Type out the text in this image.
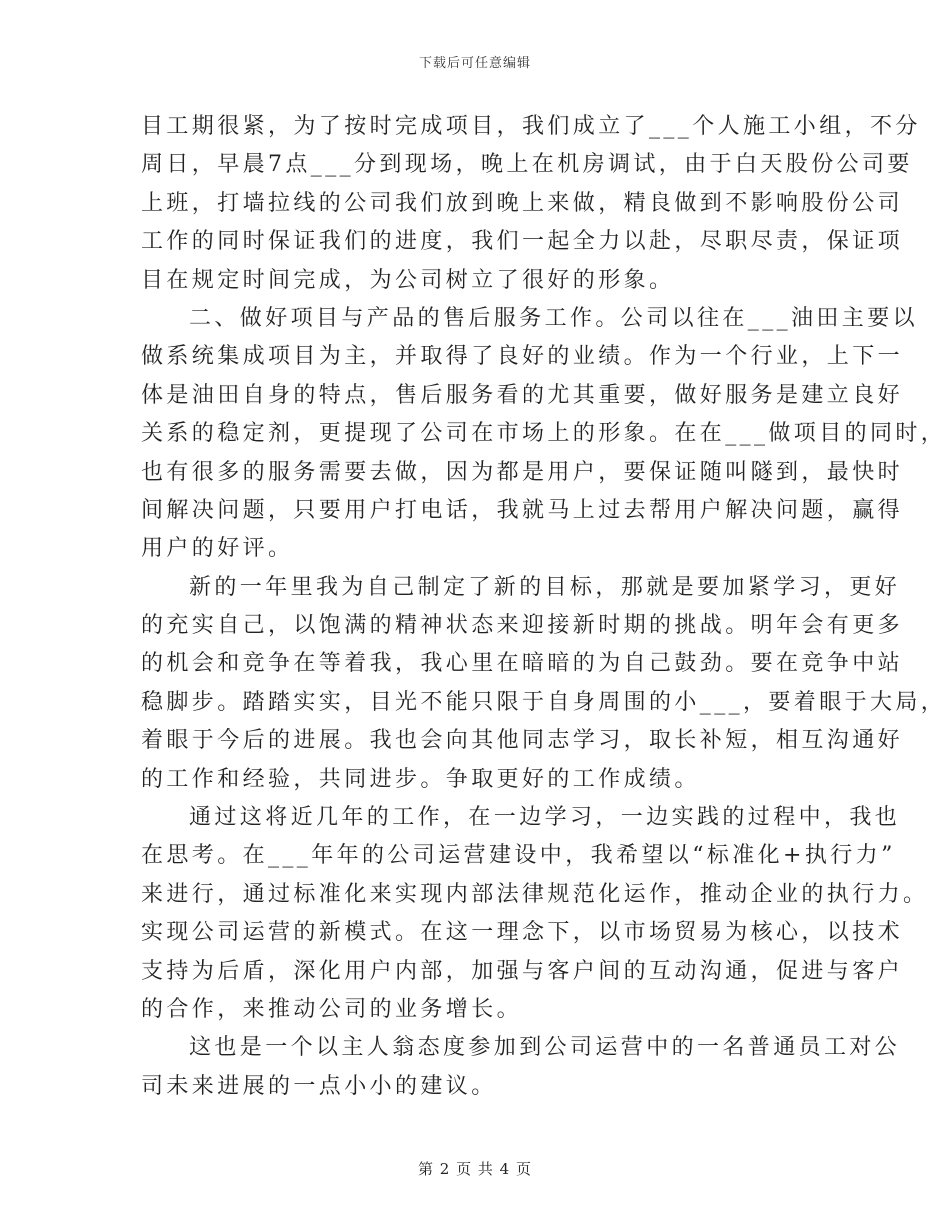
下载后可任意编辑
目工期很紧，为了按时完成项目，我们成立了___个人施工小组，不分
周日，早晨7点___分到现场，晚上在机房调试，由于白天股份公司要
上班，打墙拉线的公司我们放到晚上来做，精良做到不影响股份公司
工作的同时保证我们的进度，我们一起全力以赴，尽职尽责，保证项
目在规定时间完成，为公司树立了很好的形象。
二、做好项目与产品的售后服务工作。公司以往在___油田主要以
做系统集成项目为主，并取得了良好的业绩。作为一个行业，上下一
体是油田自身的特点，售后服务看的尤其重要，做好服务是建立良好
关系的稳定剂，更提现了公司在市场上的形象。在在___做项目的同时，
也有很多的服务需要去做，因为都是用户，要保证随叫隧到，最快时
间解决问题，只要用户打电话，我就马上过去帮用户解决问题，赢得
用户的好评。
新的一年里我为自己制定了新的目标，那就是要加紧学习，更好
的充实自己，以饱满的精神状态来迎接新时期的挑战。明年会有更多
的机会和竞争在等着我，我心里在暗暗的为自己鼓劲。要在竞争中站
稳脚步。踏踏实实，目光不能只限于自身周围的小___，要着眼于大局，
着眼于今后的进展。我也会向其他同志学习，取长补短，相互沟通好
的工作和经验，共同进步。争取更好的工作成绩。
通过这将近几年的工作，在一边学习，一边实践的过程中，我也
在思考。在___年年的公司运营建设中，我希望以“标准化+执行力”
来进行，通过标准化来实现内部法律规范化运作，推动企业的执行力。
实现公司运营的新模式。在这一理念下，以市场贸易为核心，以技术
支持为后盾，深化用户内部，加强与客户间的互动沟通，促进与客户
的合作，来推动公司的业务增长。
这也是一个以主人翁态度参加到公司运营中的一名普通员工对公
司未来进展的一点小小的建议。
第 2 页 共 4 页
